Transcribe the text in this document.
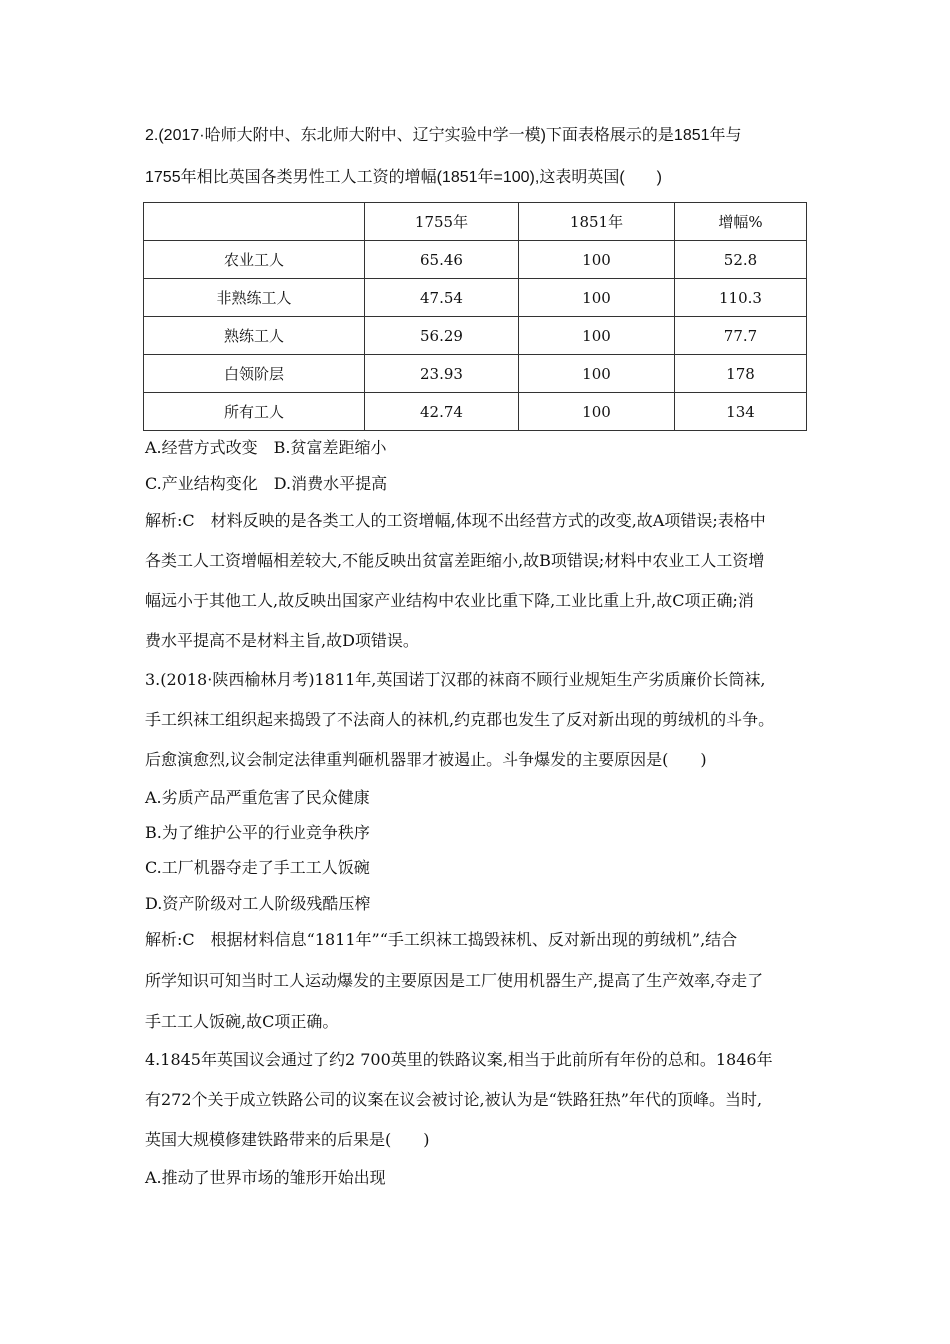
2.(2017·哈师大附中、东北师大附中、辽宁实验中学一模)下面表格展示的是1851年与
1755年相比英国各类男性工人工资的增幅(1851年=100),这表明英国(　　)
	1755年	1851年	增幅%
农业工人	65.46	100	52.8
非熟练工人	47.54	100	110.3
熟练工人	56.29	100	77.7
白领阶层	23.93	100	178
所有工人	42.74	100	134
A.经营方式改变　B.贫富差距缩小
C.产业结构变化　D.消费水平提高
解析:C　材料反映的是各类工人的工资增幅,体现不出经营方式的改变,故A项错误;表格中
各类工人工资增幅相差较大,不能反映出贫富差距缩小,故B项错误;材料中农业工人工资增
幅远小于其他工人,故反映出国家产业结构中农业比重下降,工业比重上升,故C项正确;消
费水平提高不是材料主旨,故D项错误。
3.(2018·陕西榆林月考)1811年,英国诺丁汉郡的袜商不顾行业规矩生产劣质廉价长筒袜,
手工织袜工组织起来捣毁了不法商人的袜机,约克郡也发生了反对新出现的剪绒机的斗争。
后愈演愈烈,议会制定法律重判砸机器罪才被遏止。斗争爆发的主要原因是(　　)
A.劣质产品严重危害了民众健康
B.为了维护公平的行业竞争秩序
C.工厂机器夺走了手工工人饭碗
D.资产阶级对工人阶级残酷压榨
解析:C　根据材料信息“1811年”“手工织袜工捣毁袜机、反对新出现的剪绒机”,结合
所学知识可知当时工人运动爆发的主要原因是工厂使用机器生产,提高了生产效率,夺走了
手工工人饭碗,故C项正确。
4.1845年英国议会通过了约2 700英里的铁路议案,相当于此前所有年份的总和。1846年
有272个关于成立铁路公司的议案在议会被讨论,被认为是“铁路狂热”年代的顶峰。当时,
英国大规模修建铁路带来的后果是(　　)
A.推动了世界市场的雏形开始出现
